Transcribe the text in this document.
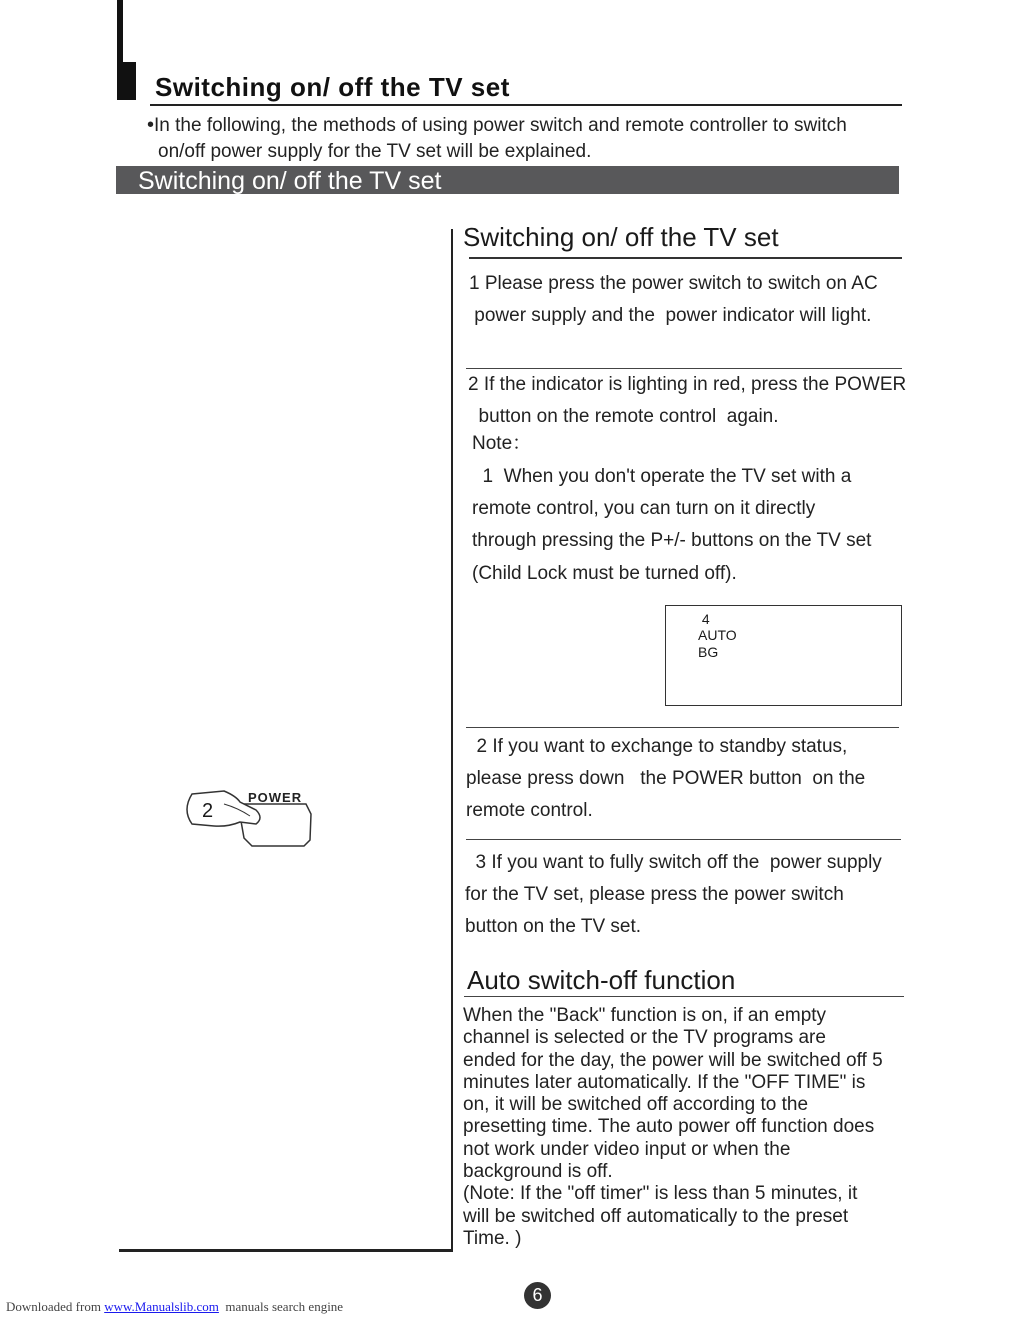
Switching on/ off the TV set
•In the following, the methods of using power switch and remote controller to switch
on/off power supply for the TV set will be explained.
Switching on/ off the TV set
POWER
2
Switching on/ off the TV set
1 Please press the power switch to switch on AC
power supply and the  power indicator will light.
2 If the indicator is lighting in red, press the POWER
button on the remote control  again.
Note：
1  When you don't operate the TV set with a
remote control, you can turn on it directly
through pressing the P+/- buttons on the TV set
(Child Lock must be turned off).
4
AUTO
BG
2 If you want to exchange to standby status,
please press down   the POWER button  on the
remote control.
3 If you want to fully switch off the  power supply
for the TV set, please press the power switch
button on the TV set.
Auto switch-off function
When the "Back" function is on, if an empty
channel is selected or the TV programs are
ended for the day, the power will be switched off 5
minutes later automatically. If the "OFF TIME" is
on, it will be switched off according to the
presetting time. The auto power off function does
not work under video input or when the
background is off.
(Note: If the "off timer" is less than 5 minutes, it
will be switched off automatically to the preset
Time. )
Downloaded from www.Manualslib.com  manuals search engine
6
